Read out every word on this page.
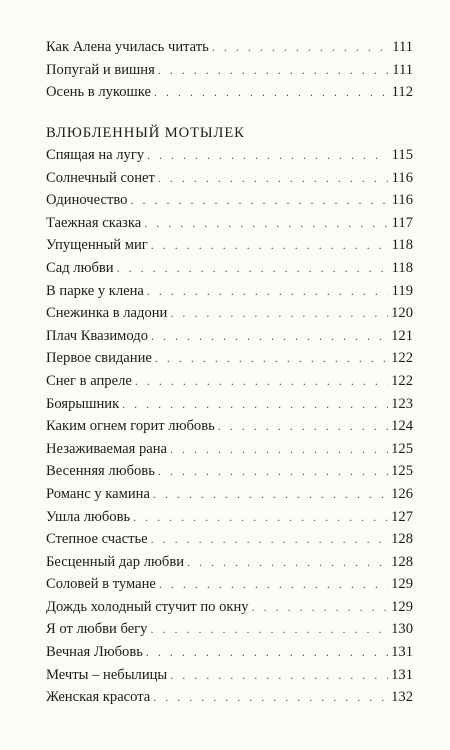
Как Алена училась читать . . .	111
Попугай и вишня . . .	111
Осень в лукошке . . .	112
ВЛЮБЛЕННЫЙ МОТЫЛЕК
Спящая на лугу . . .	115
Солнечный сонет . . .	116
Одиночество . . .	116
Таежная сказка . . .	117
Упущенный миг . . .	118
Сад любви . . .	118
В парке у клена . . .	119
Снежинка в ладони . . .	120
Плач Квазимодо . . .	121
Первое свидание . . .	122
Снег в апреле . . .	122
Боярышник . . .	123
Каким огнем горит любовь . . .	124
Незаживаемая рана . . .	125
Весенняя любовь . . .	125
Романс у камина . . .	126
Ушла любовь . . .	127
Степное счастье . . .	128
Бесценный дар любви . . .	128
Соловей в тумане . . .	129
Дождь холодный стучит по окну . . .	129
Я от любви бегу . . .	130
Вечная Любовь . . .	131
Мечты – небылицы . . .	131
Женская красота . . .	132
